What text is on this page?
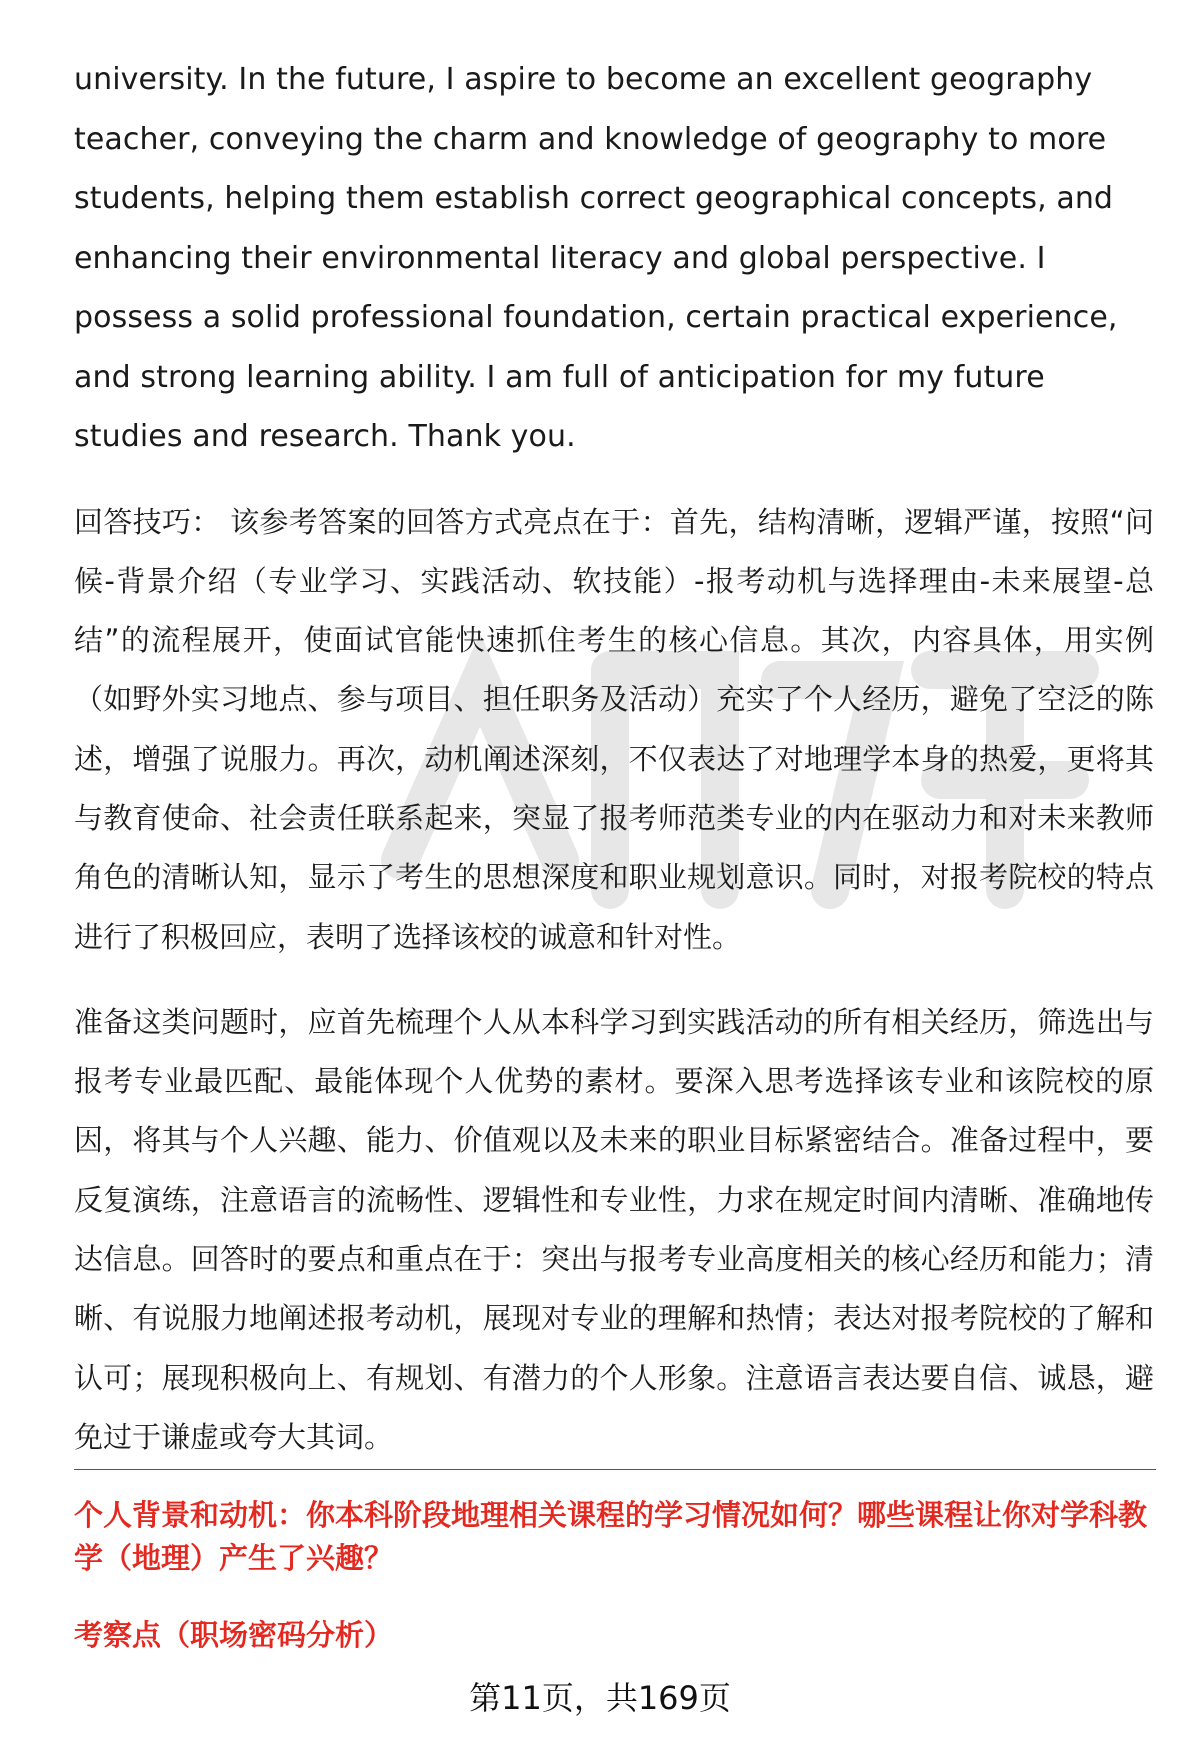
university. In the future, I aspire to become an excellent geography teacher, conveying the charm and knowledge of geography to more students, helping them establish correct geographical concepts, and enhancing their environmental literacy and global perspective. I possess a solid professional foundation, certain practical experience, and strong learning ability. I am full of anticipation for my future studies and research. Thank you.

回答技巧： 该参考答案的回答方式亮点在于：首先，结构清晰，逻辑严谨，按照“问候-背景介绍（专业学习、实践活动、软技能）-报考动机与选择理由-未来展望-总结”的流程展开，使面试官能快速抓住考生的核心信息。其次，内容具体，用实例（如野外实习地点、参与项目、担任职务及活动）充实了个人经历，避免了空泛的陈述，增强了说服力。再次，动机阐述深刻，不仅表达了对地理学本身的热爱，更将其与教育使命、社会责任联系起来，突显了报考师范类专业的内在驱动力和对未来教师角色的清晰认知，显示了考生的思想深度和职业规划意识。同时，对报考院校的特点进行了积极回应，表明了选择该校的诚意和针对性。

准备这类问题时，应首先梳理个人从本科学习到实践活动的所有相关经历，筛选出与报考专业最匹配、最能体现个人优势的素材。要深入思考选择该专业和该院校的原因，将其与个人兴趣、能力、价值观以及未来的职业目标紧密结合。准备过程中，要反复演练，注意语言的流畅性、逻辑性和专业性，力求在规定时间内清晰、准确地传达信息。回答时的要点和重点在于：突出与报考专业高度相关的核心经历和能力；清晰、有说服力地阐述报考动机，展现对专业的理解和热情；表达对报考院校的了解和认可；展现积极向上、有规划、有潜力的个人形象。注意语言表达要自信、诚恳，避免过于谦虚或夸大其词。

个人背景和动机：你本科阶段地理相关课程的学习情况如何？哪些课程让你对学科教学（地理）产生了兴趣？

考察点（职场密码分析）

第11页，共169页
